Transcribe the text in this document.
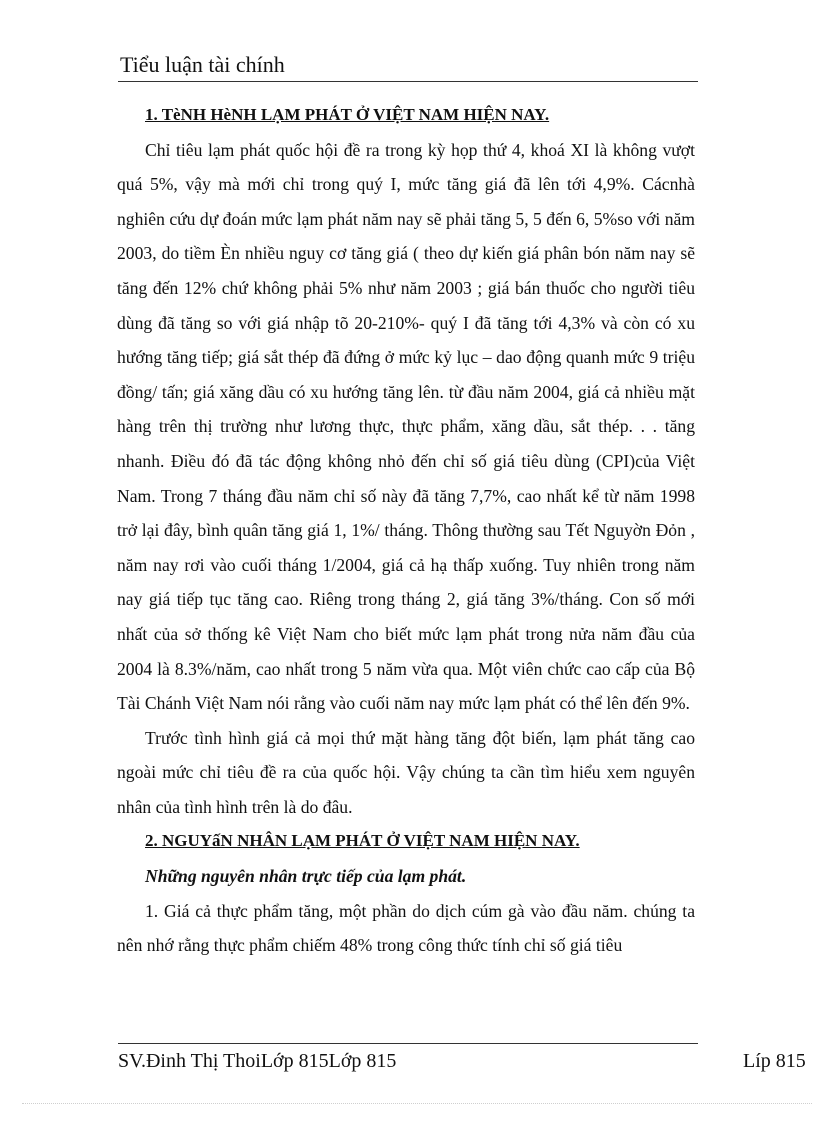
Tiểu luận tài chính

1. TèNH HèNH LẠM PHÁT Ở VIỆT NAM HIỆN NAY.

Chỉ tiêu lạm phát quốc hội đề ra trong kỳ họp thứ 4, khoá XI là không vượt quá 5%, vậy mà mới chỉ trong quý I, mức tăng giá đã lên tới 4,9%. Cácnhà nghiên cứu dự đoán mức lạm phát năm nay sẽ phải tăng 5, 5 đến 6, 5%so với năm 2003, do tiềm Èn nhiều nguy cơ tăng giá ( theo dự kiến giá phân bón năm nay sẽ tăng đến 12% chứ không phải 5% như năm 2003 ; giá bán thuốc cho người tiêu dùng đã tăng so với giá nhập tõ 20-210%- quý I đã tăng tới 4,3% và còn có xu hướng tăng tiếp; giá sắt thép đã đứng ở mức kỷ lục – dao động quanh mức 9 triệu đồng/ tấn; giá xăng dầu có xu hướng tăng lên. từ đầu năm 2004, giá cả nhiều mặt hàng trên thị trường như lương thực, thực phẩm, xăng dầu, sắt thép. . . tăng nhanh. Điều đó đã tác động không nhỏ đến chỉ số giá tiêu dùng (CPI)của Việt Nam. Trong 7 tháng đầu năm chỉ số này đã tăng 7,7%, cao nhất kể từ năm 1998 trở lại đây, bình quân tăng giá 1, 1%/ tháng. Thông thường sau Tết Nguyờn Đỏn , năm nay rơi vào cuối tháng 1/2004, giá cả hạ thấp xuống. Tuy nhiên trong năm nay giá tiếp tục tăng cao. Riêng trong tháng 2, giá tăng 3%/tháng. Con số mới nhất của sở thống kê Việt Nam cho biết mức lạm phát trong nửa năm đầu của 2004 là 8.3%/năm, cao nhất trong 5 năm vừa qua. Một viên chức cao cấp của Bộ Tài Chánh Việt Nam nói rằng vào cuối năm nay mức lạm phát có thể lên đến 9%.

Trước tình hình giá cả mọi thứ mặt hàng tăng đột biến, lạm phát tăng cao ngoài mức chỉ tiêu đề ra của quốc hội. Vậy chúng ta cần tìm hiểu xem nguyên nhân của tình hình trên là do đâu.

2. NGUYấN NHÂN LẠM PHÁT Ở VIỆT NAM HIỆN NAY.

Những nguyên nhân trực tiếp của lạm phát.

1. Giá cả thực phẩm tăng, một phần do dịch cúm gà vào đầu năm. chúng ta nên nhớ rằng thực phẩm chiếm 48% trong công thức tính chỉ số giá tiêu

SV.Đinh Thị ThoiLớp 815Lớp 815	Líp 815
